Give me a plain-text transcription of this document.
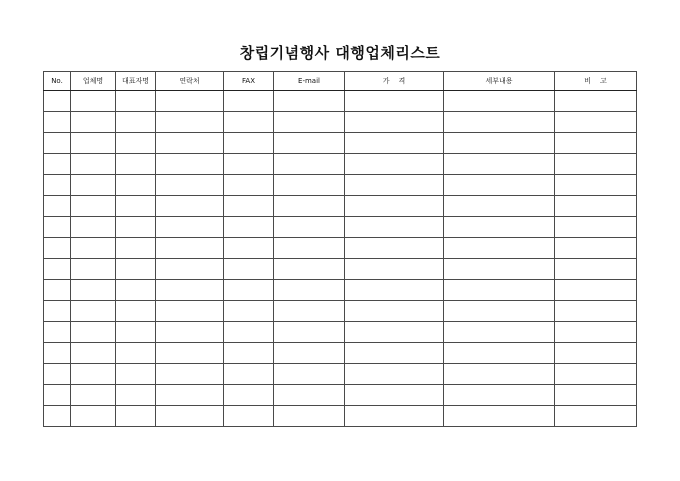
창립기념행사 대행업체리스트
No.	업체명	대표자명	연락처	FAX	E-mail	가    격	세부내용	비    고
